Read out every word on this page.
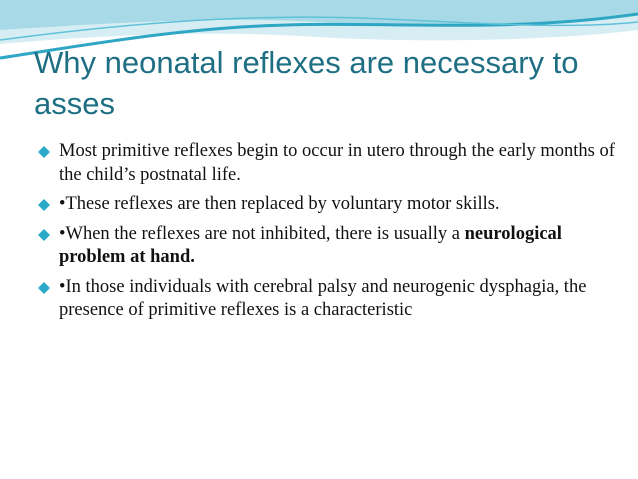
Why neonatal reflexes are necessary to asses
Most primitive reflexes begin to occur in utero through the early months of the child’s postnatal life.
•These reflexes are then replaced by voluntary motor skills.
•When the reflexes are not inhibited, there is usually a neurological problem at hand.
•In those individuals with cerebral palsy and neurogenic dysphagia, the presence of primitive reflexes is a characteristic
